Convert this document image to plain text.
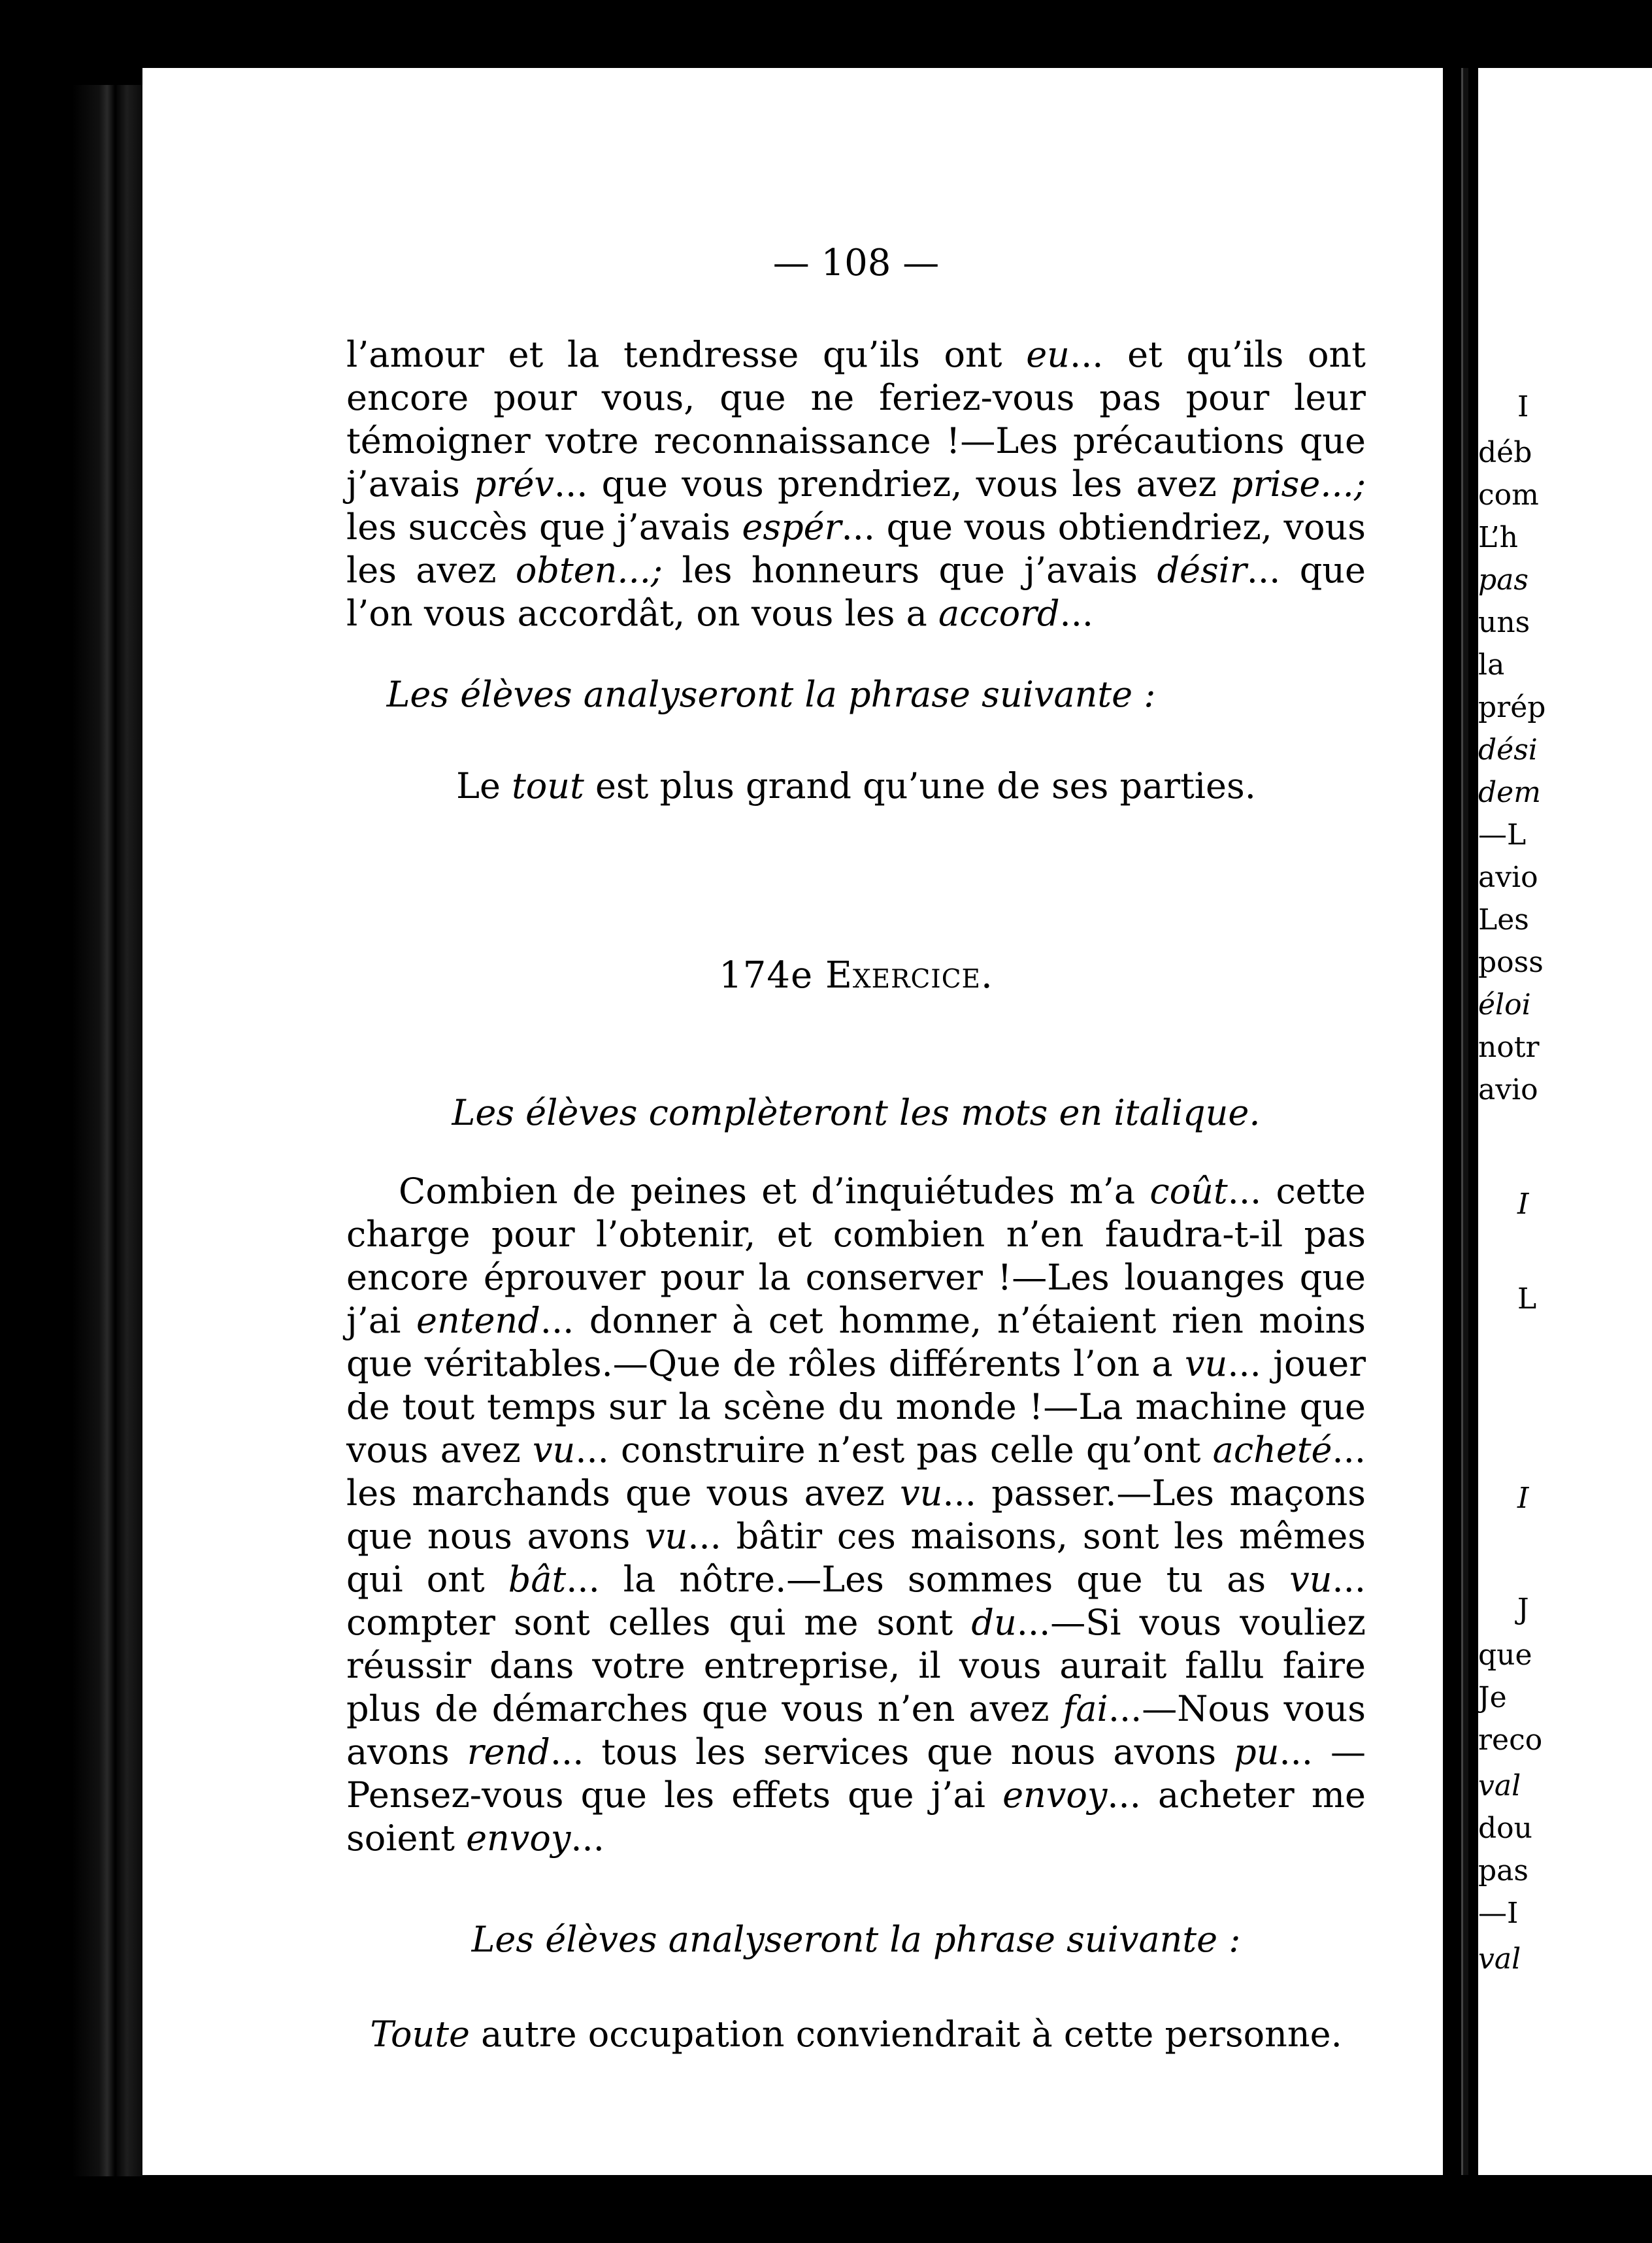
I

déb

com

L’h

pas

uns

la

prép

dési

dem

—L

avio

Les

poss

éloi

notr

avio

I

L

I

J

que

Je

reco

val

dou

pas

—I

val

— 108 —

l’amour et la tendresse qu’ils ont eu... et qu’ils ont encore pour vous, que ne feriez-vous pas pour leur témoigner votre reconnaissance !—Les précautions que j’avais prév... que vous prendriez, vous les avez prise...; les succès que j’avais espér... que vous obtiendriez, vous les avez obten...; les honneurs que j’avais désir... que l’on vous accordât, on vous les a accord...

Les élèves analyseront la phrase suivante :

Le tout est plus grand qu’une de ses parties.

174e Exercice.

Les élèves complèteront les mots en italique.

Combien de peines et d’inquiétudes m’a coût... cette charge pour l’obtenir, et combien n’en faudra-t-il pas encore éprouver pour la conserver !—Les louanges que j’ai entend... donner à cet homme, n’étaient rien moins que véritables.—Que de rôles différents l’on a vu... jouer de tout temps sur la scène du monde !—La machine que vous avez vu... construire n’est pas celle qu’ont acheté... les marchands que vous avez vu... passer.—Les maçons que nous avons vu... bâtir ces maisons, sont les mêmes qui ont bât... la nôtre.—Les sommes que tu as vu... compter sont celles qui me sont du...—Si vous vouliez réussir dans votre entreprise, il vous aurait fallu faire plus de démarches que vous n’en avez fai...—Nous vous avons rend... tous les services que nous avons pu... —Pensez-vous que les effets que j’ai envoy... acheter me soient envoy...

Les élèves analyseront la phrase suivante :

Toute autre occupation conviendrait à cette personne.
